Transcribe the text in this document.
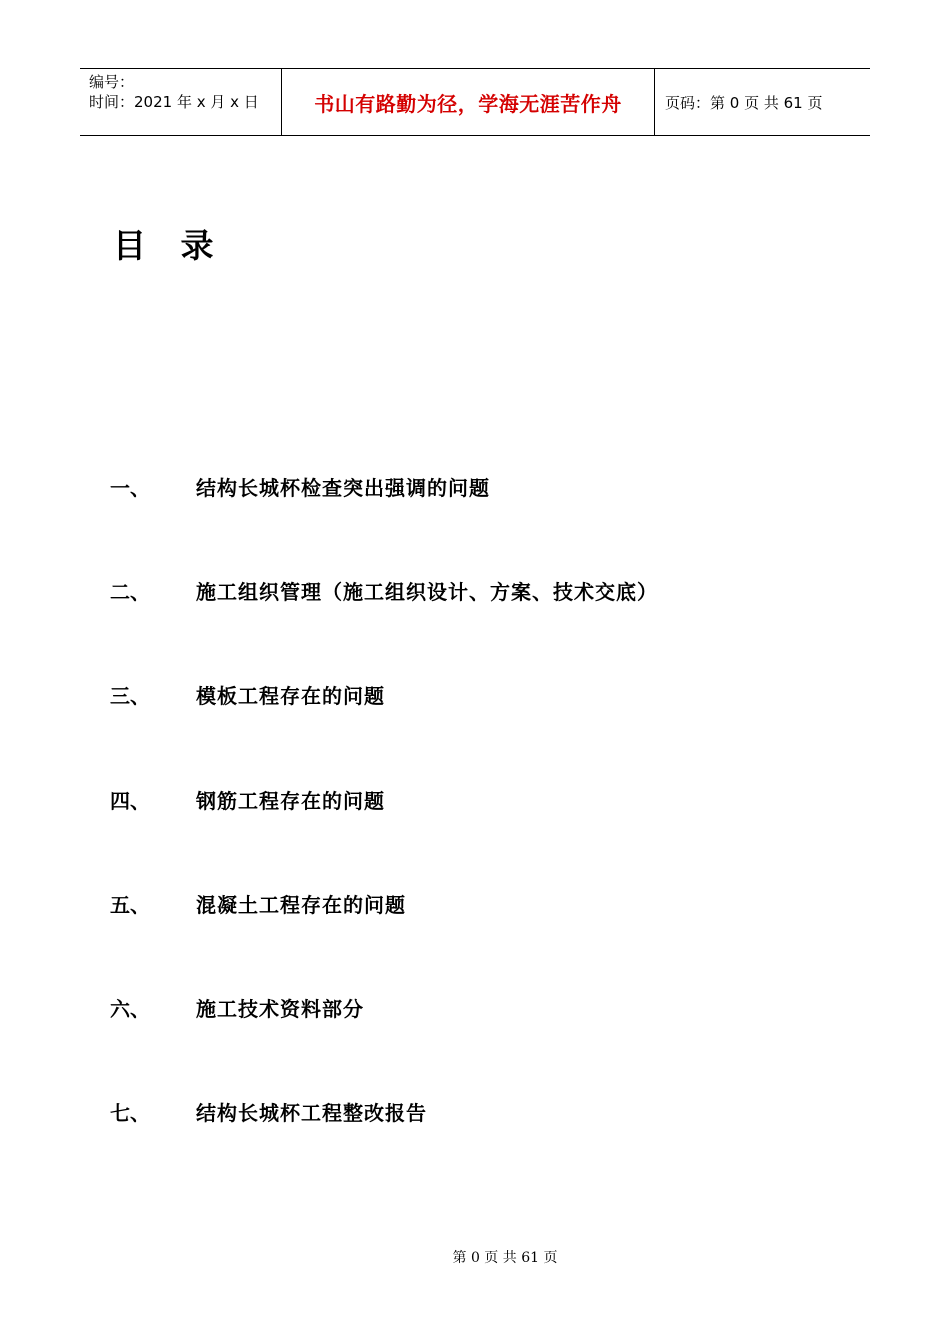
编号：
时间：2021 年 x 月 x 日	书山有路勤为径，学海无涯苦作舟	页码：第 0 页 共 61 页
目   录
一、 结构长城杯检查突出强调的问题
二、 施工组织管理（施工组织设计、方案、技术交底）
三、 模板工程存在的问题
四、 钢筋工程存在的问题
五、 混凝土工程存在的问题
六、 施工技术资料部分
七、 结构长城杯工程整改报告
第 0 页 共 61 页
